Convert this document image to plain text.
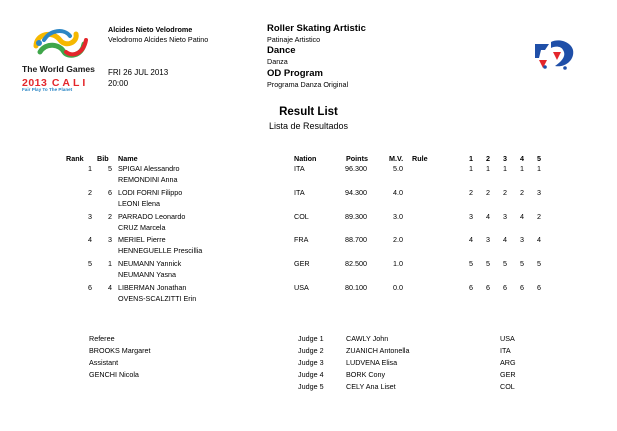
The World Games
2013 CALI
Fair Play To The Planet
Alcides Nieto Velodrome
Velodromo Alcides Nieto Patino
FRI 26 JUL 2013
20:00
Roller Skating Artistic
Patinaje Artistico
Dance
Danza
OD Program
Programa Danza Original
Result List
Lista de Resultados
Rank Bib Name	Nation	Points	M.V. Rule	1 2 3 4 5
1	5 SPIGAI Alessandro
REMONDINI Anna
ITA	96.300	5.0	1 1 1 1 1
2	6 LODI FORNI Filippo
LEONI Elena
ITA	94.300	4.0	2 2 2 2 3
3	2 PARRADO Leonardo
CRUZ Marcela
COL	89.300	3.0	3 4 3 4 2
4	3 MERIEL Pierre
HENNEGUELLE Prescillia
FRA	88.700	2.0	4 3 4 3 4
5	1 NEUMANN Yannick
NEUMANN Yasna
GER	82.500	1.0	5 5 5 5 5
6	4 LIBERMAN Jonathan
OVENS-SCALZITTI Erin
USA	80.100	0.0	6 6 6 6 6
Referee
BROOKS Margaret
Assistant
GENCHI Nicola
Judge 1	CAWLY John	USA
Judge 2	ZUANICH Antonella	ITA
Judge 3	LUDVENA Elisa	ARG
Judge 4	BORK Cony	GER
Judge 5	CELY Ana Liset	COL
